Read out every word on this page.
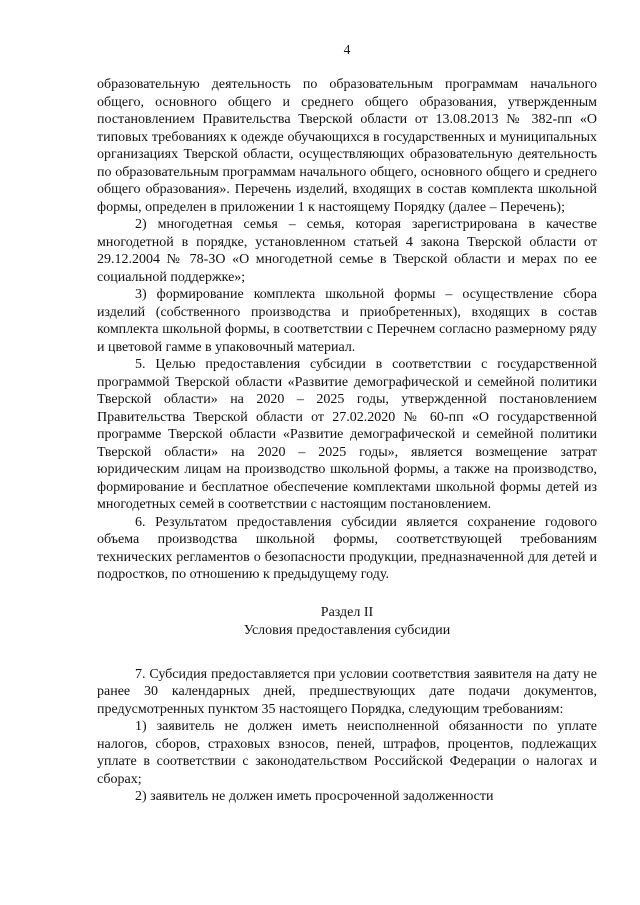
4

образовательную деятельность по образовательным программам начального общего, основного общего и среднего общего образования, утвержденным постановлением Правительства Тверской области от 13.08.2013 № 382-пп «О типовых требованиях к одежде обучающихся в государственных и муниципальных организациях Тверской области, осуществляющих образовательную деятельность по образовательным программам начального общего, основного общего и среднего общего образования». Перечень изделий, входящих в состав комплекта школьной формы, определен в приложении 1 к настоящему Порядку (далее – Перечень);

2) многодетная семья – семья, которая зарегистрирована в качестве многодетной в порядке, установленном статьей 4 закона Тверской области от 29.12.2004 № 78-ЗО «О многодетной семье в Тверской области и мерах по ее социальной поддержке»;

3) формирование комплекта школьной формы – осуществление сбора изделий (собственного производства и приобретенных), входящих в состав комплекта школьной формы, в соответствии с Перечнем согласно размерному ряду и цветовой гамме в упаковочный материал.

5. Целью предоставления субсидии в соответствии с государственной программой Тверской области «Развитие демографической и семейной политики Тверской области» на 2020 – 2025 годы, утвержденной постановлением Правительства Тверской области от 27.02.2020 № 60-пп «О государственной программе Тверской области «Развитие демографической и семейной политики Тверской области» на 2020 – 2025 годы», является возмещение затрат юридическим лицам на производство школьной формы, а также на производство, формирование и бесплатное обеспечение комплектами школьной формы детей из многодетных семей в соответствии с настоящим постановлением.

6. Результатом предоставления субсидии является сохранение годового объема производства школьной формы, соответствующей требованиям технических регламентов о безопасности продукции, предназначенной для детей и подростков, по отношению к предыдущему году.

Раздел II
Условия предоставления субсидии

7. Субсидия предоставляется при условии соответствия заявителя на дату не ранее 30 календарных дней, предшествующих дате подачи документов, предусмотренных пунктом 35 настоящего Порядка, следующим требованиям:

1) заявитель не должен иметь неисполненной обязанности по уплате налогов, сборов, страховых взносов, пеней, штрафов, процентов, подлежащих уплате в соответствии с законодательством Российской Федерации о налогах и сборах;

2) заявитель не должен иметь просроченной задолженности
